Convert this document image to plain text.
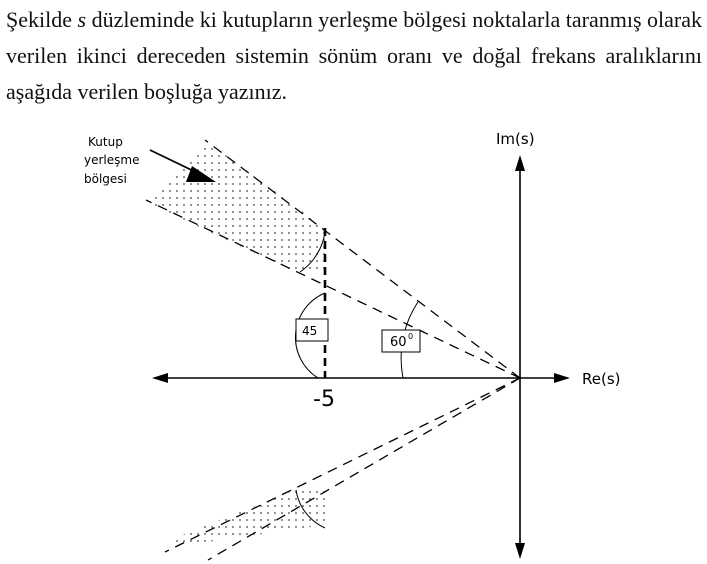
Şekilde s düzleminde ki kutupların yerleşme bölgesi noktalarla taranmış olarak verilen ikinci dereceden sistemin sönüm oranı ve doğal frekans aralıklarını aşağıda verilen boşluğa yazınız.

Kutup
yerleşme
bölgesi
Im(s)
Re(s)
-5
45
60 0
